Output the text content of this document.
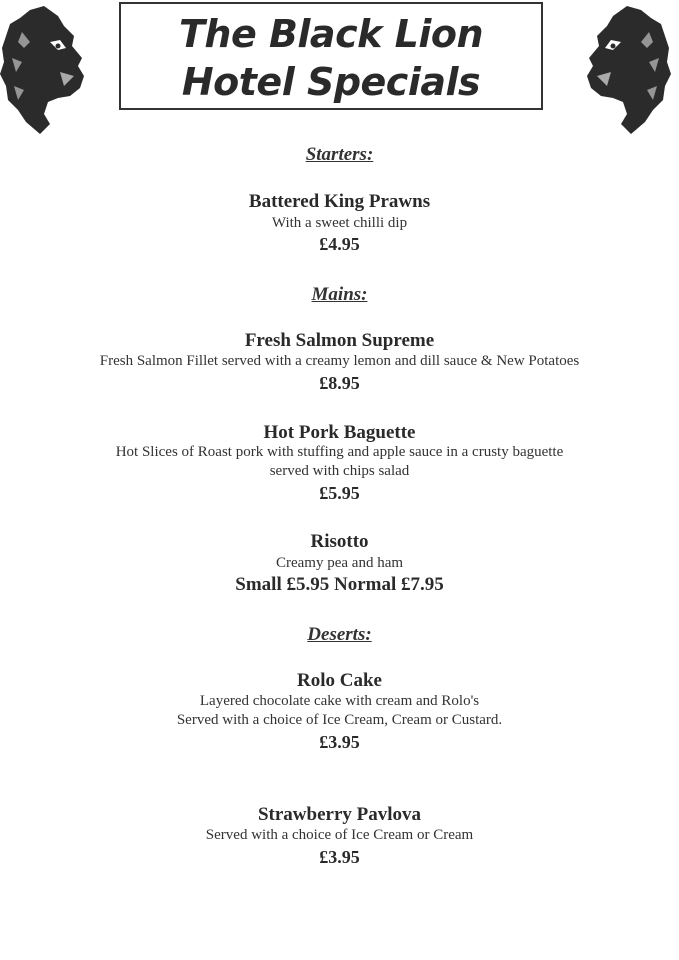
The Black Lion
Hotel Specials
Starters:
Battered King Prawns
With a sweet chilli dip
£4.95
Mains:
Fresh Salmon Supreme
Fresh Salmon Fillet served with a creamy lemon and dill sauce & New Potatoes
£8.95
Hot Pork Baguette
Hot Slices of Roast pork with stuffing and apple sauce in a crusty baguette
served with chips salad
£5.95
Risotto
Creamy pea and ham
Small £5.95 Normal £7.95
Deserts:
Rolo Cake
Layered chocolate cake with cream and Rolo's
Served with a choice of Ice Cream, Cream or Custard.
£3.95
Strawberry Pavlova
Served with a choice of Ice Cream or Cream
£3.95
